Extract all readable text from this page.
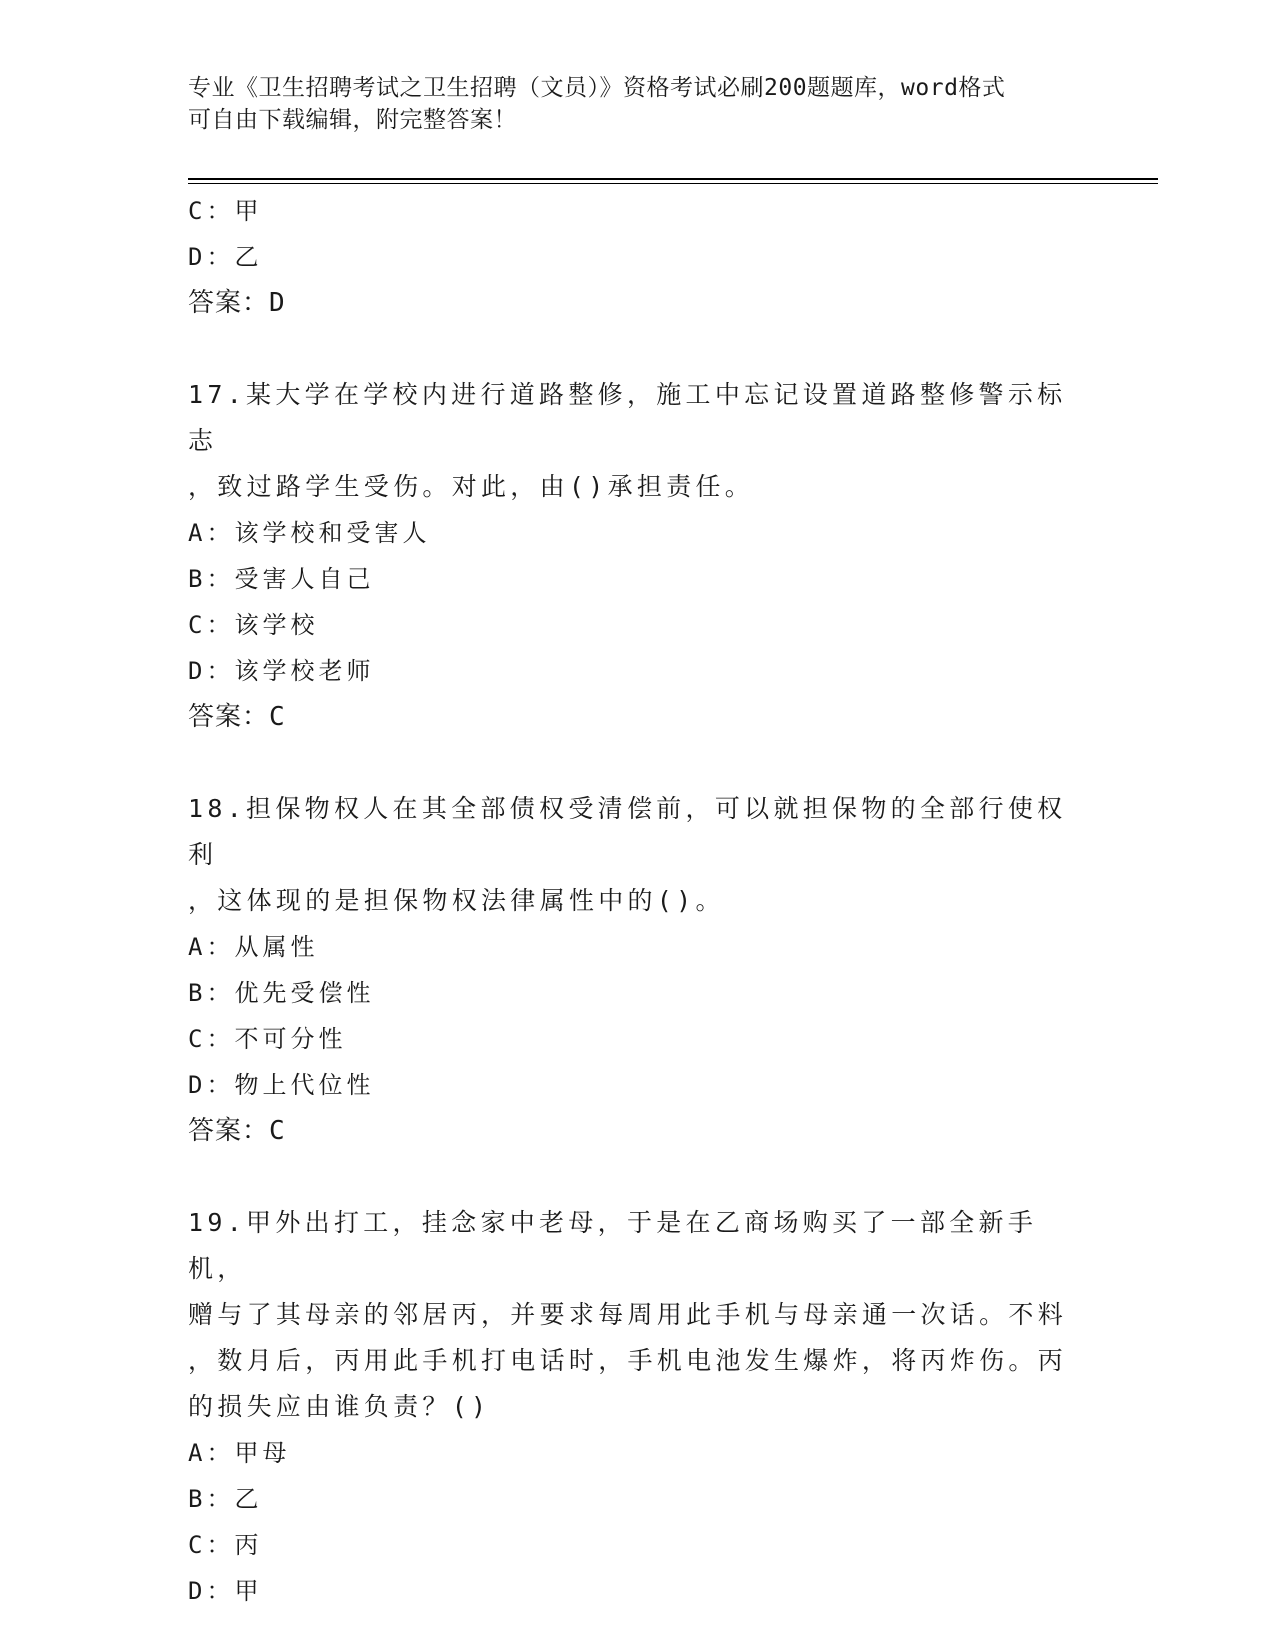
专业《卫生招聘考试之卫生招聘（文员）》资格考试必刷200题题库，word格式
可自由下载编辑，附完整答案！
C：甲
D：乙
答案：D
17.某大学在学校内进行道路整修，施工中忘记设置道路整修警示标志
，致过路学生受伤。对此，由()承担责任。
A：该学校和受害人
B：受害人自己
C：该学校
D：该学校老师
答案：C
18.担保物权人在其全部债权受清偿前，可以就担保物的全部行使权利
，这体现的是担保物权法律属性中的()。
A：从属性
B：优先受偿性
C：不可分性
D：物上代位性
答案：C
19.甲外出打工，挂念家中老母，于是在乙商场购买了一部全新手机，
赠与了其母亲的邻居丙，并要求每周用此手机与母亲通一次话。不料
，数月后，丙用此手机打电话时，手机电池发生爆炸，将丙炸伤。丙
的损失应由谁负责？()
A：甲母
B：乙
C：丙
D：甲
